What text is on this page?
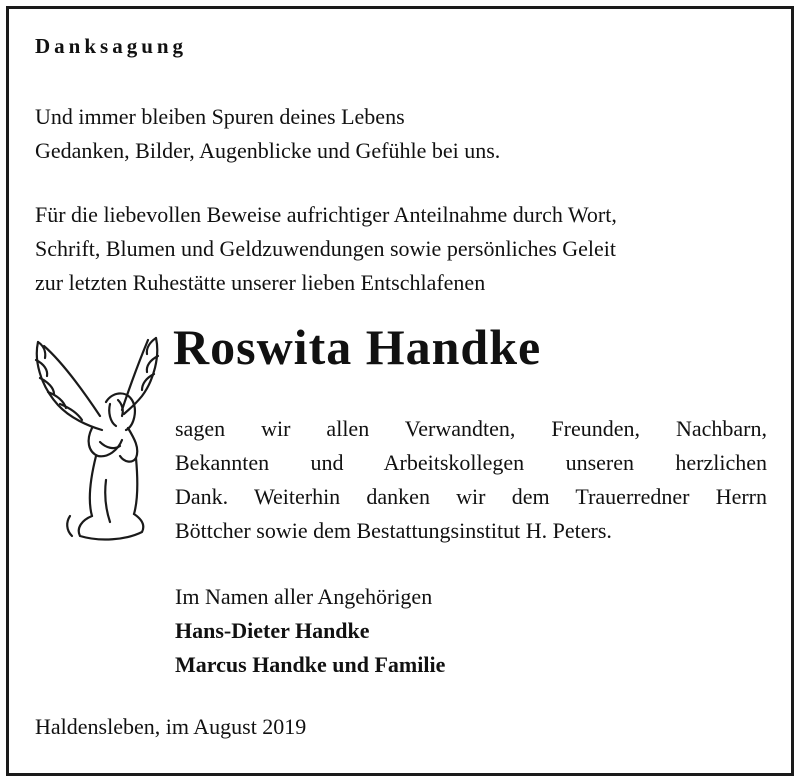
Danksagung
Und immer bleiben Spuren deines Lebens
Gedanken, Bilder, Augenblicke und Gefühle bei uns.
Für die liebevollen Beweise aufrichtiger Anteilnahme durch Wort,
Schrift, Blumen und Geldzuwendungen sowie persönliches Geleit
zur letzten Ruhestätte unserer lieben Entschlafenen
Roswita Handke
sagen wir allen Verwandten, Freunden, Nachbarn,
Bekannten und Arbeitskollegen unseren herzlichen
Dank. Weiterhin danken wir dem Trauerredner Herrn
Böttcher sowie dem Bestattungsinstitut H. Peters.
Im Namen aller Angehörigen
Hans-Dieter Handke
Marcus Handke und Familie
Haldensleben, im August 2019
